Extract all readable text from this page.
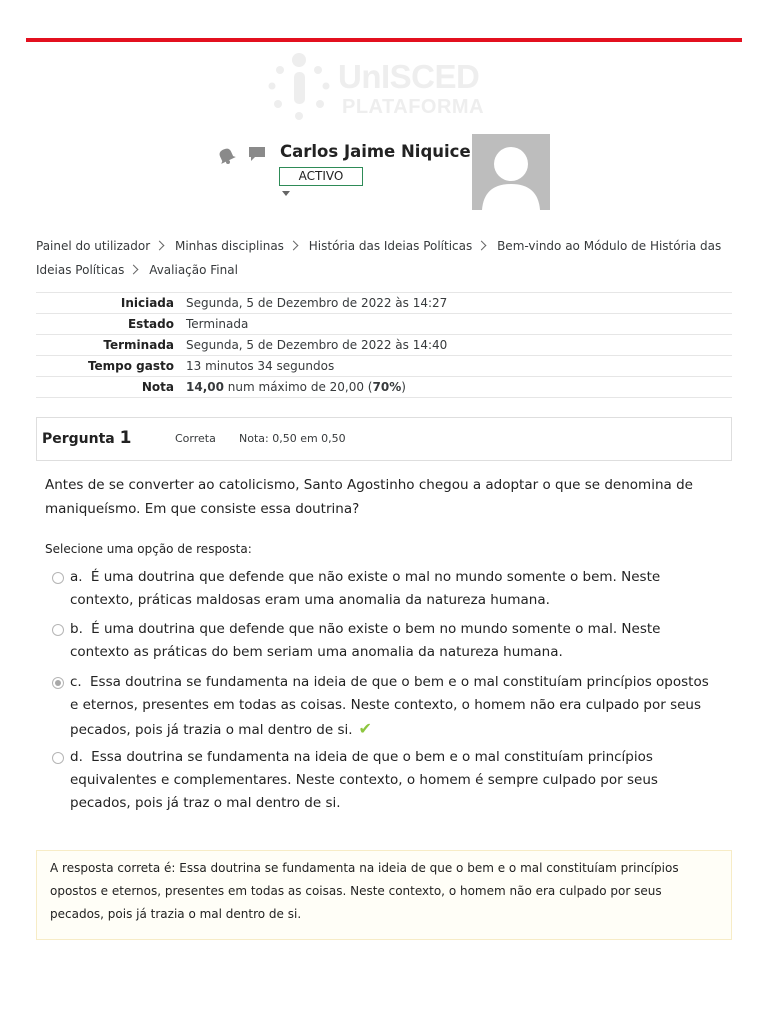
UnISCED
PLATAFORMA
Carlos Jaime Niquice
ACTIVO
Painel do utilizador Minhas disciplinas História das Ideias Políticas Bem-vindo ao Módulo de História das Ideias Políticas Avaliação Final
Iniciada	Segunda, 5 de Dezembro de 2022 às 14:27
Estado	Terminada
Terminada	Segunda, 5 de Dezembro de 2022 às 14:40
Tempo gasto	13 minutos 34 segundos
Nota	14,00 num máximo de 20,00 (70%)
Pergunta 1	Correta Nota: 0,50 em 0,50
Antes de se converter ao catolicismo, Santo Agostinho chegou a adoptar o que se denomina de maniqueísmo. Em que consiste essa doutrina?
Selecione uma opção de resposta:
a. É uma doutrina que defende que não existe o mal no mundo somente o bem. Neste contexto, práticas maldosas eram uma anomalia da natureza humana.
b. É uma doutrina que defende que não existe o bem no mundo somente o mal. Neste contexto as práticas do bem seriam uma anomalia da natureza humana.
c. Essa doutrina se fundamenta na ideia de que o bem e o mal constituíam princípios opostos e eternos, presentes em todas as coisas. Neste contexto, o homem não era culpado por seus pecados, pois já trazia o mal dentro de si. ✔
d. Essa doutrina se fundamenta na ideia de que o bem e o mal constituíam princípios equivalentes e complementares. Neste contexto, o homem é sempre culpado por seus pecados, pois já traz o mal dentro de si.
A resposta correta é: Essa doutrina se fundamenta na ideia de que o bem e o mal constituíam princípios opostos e eternos, presentes em todas as coisas. Neste contexto, o homem não era culpado por seus pecados, pois já trazia o mal dentro de si.
